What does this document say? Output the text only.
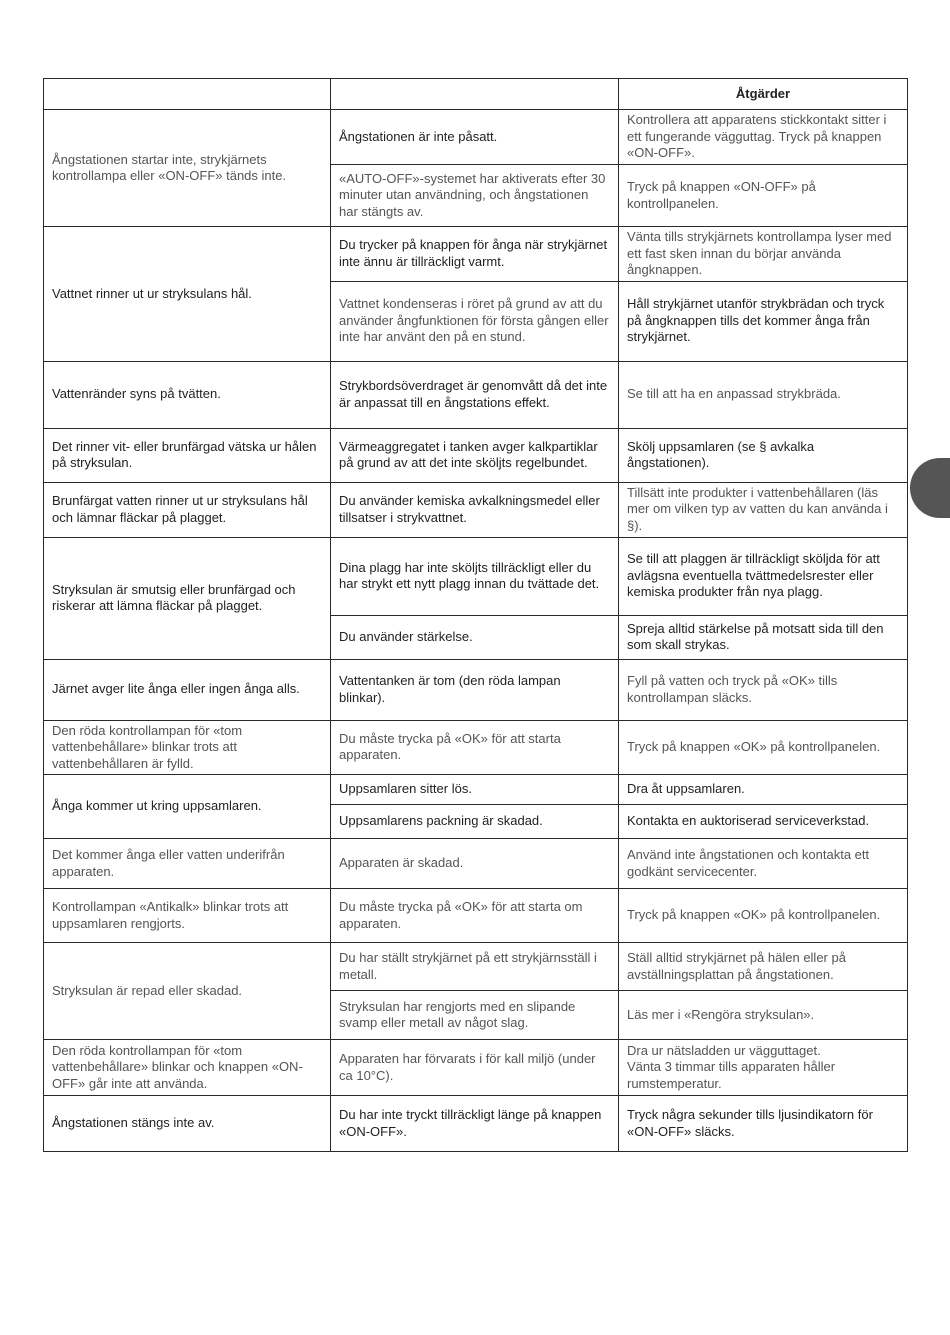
		Åtgärder
Ångstationen startar inte, strykjärnets kontrollampa eller «ON-OFF» tänds inte.	Ångstationen är inte påsatt.	Kontrollera att apparatens stickkontakt sitter i ett fungerande vägguttag. Tryck på knappen «ON-OFF».
	«AUTO-OFF»-systemet har aktiverats efter 30 minuter utan användning, och ångstationen har stängts av.	Tryck på knappen «ON-OFF» på kontrollpanelen.
Vattnet rinner ut ur stryksulans hål.	Du trycker på knappen för ånga när strykjärnet inte ännu är tillräckligt varmt.	Vänta tills strykjärnets kontrollampa lyser med ett fast sken innan du börjar använda ångknappen.
	Vattnet kondenseras i röret på grund av att du använder ångfunktionen för första gången eller inte har använt den på en stund.	Håll strykjärnet utanför strykbrädan och tryck på ångknappen tills det kommer ånga från strykjärnet.
Vattenränder syns på tvätten.	Strykbordsöverdraget är genomvått då det inte är anpassat till en ångstations effekt.	Se till att ha en anpassad strykbräda.
Det rinner vit- eller brunfärgad vätska ur hålen på stryksulan.	Värmeaggregatet i tanken avger kalkpartiklar på grund av att det inte sköljts regelbundet.	Skölj uppsamlaren (se § avkalka ångstationen).
Brunfärgat vatten rinner ut ur stryksulans hål och lämnar fläckar på plagget.	Du använder kemiska avkalkningsmedel eller tillsatser i strykvattnet.	Tillsätt inte produkter i vattenbehållaren (läs mer om vilken typ av vatten du kan använda i §).
Stryksulan är smutsig eller brunfärgad och riskerar att lämna fläckar på plagget.	Dina plagg har inte sköljts tillräckligt eller du har strykt ett nytt plagg innan du tvättade det.	Se till att plaggen är tillräckligt sköljda för att avlägsna eventuella tvättmedelsrester eller kemiska produkter från nya plagg.
	Du använder stärkelse.	Spreja alltid stärkelse på motsatt sida till den som skall strykas.
Järnet avger lite ånga eller ingen ånga alls.	Vattentanken är tom (den röda lampan blinkar).	Fyll på vatten och tryck på «OK» tills kontrollampan släcks.
Den röda kontrollampan för «tom vattenbehållare» blinkar trots att vattenbehållaren är fylld.	Du måste trycka på «OK» för att starta apparaten.	Tryck på knappen «OK» på kontrollpanelen.
Ånga kommer ut kring uppsamlaren.	Uppsamlaren sitter lös.	Dra åt uppsamlaren.
	Uppsamlarens packning är skadad.	Kontakta en auktoriserad serviceverkstad.
Det kommer ånga eller vatten underifrån apparaten.	Apparaten är skadad.	Använd inte ångstationen och kontakta ett godkänt servicecenter.
Kontrollampan «Antikalk» blinkar trots att uppsamlaren rengjorts.	Du måste trycka på «OK» för att starta om apparaten.	Tryck på knappen «OK» på kontrollpanelen.
Stryksulan är repad eller skadad.	Du har ställt strykjärnet på ett strykjärnsställ i metall.	Ställ alltid strykjärnet på hälen eller på avställningsplattan på ångstationen.
	Stryksulan har rengjorts med en slipande svamp eller metall av något slag.	Läs mer i «Rengöra stryksulan».
Den röda kontrollampan för «tom vattenbehållare» blinkar och knappen «ON-OFF» går inte att använda.	Apparaten har förvarats i för kall miljö (under ca 10°C).	Dra ur nätsladden ur vägguttaget.
Vänta 3 timmar tills apparaten håller rumstemperatur.
Ångstationen stängs inte av.	Du har inte tryckt tillräckligt länge på knappen «ON-OFF».	Tryck några sekunder tills ljusindikatorn för «ON-OFF» släcks.
